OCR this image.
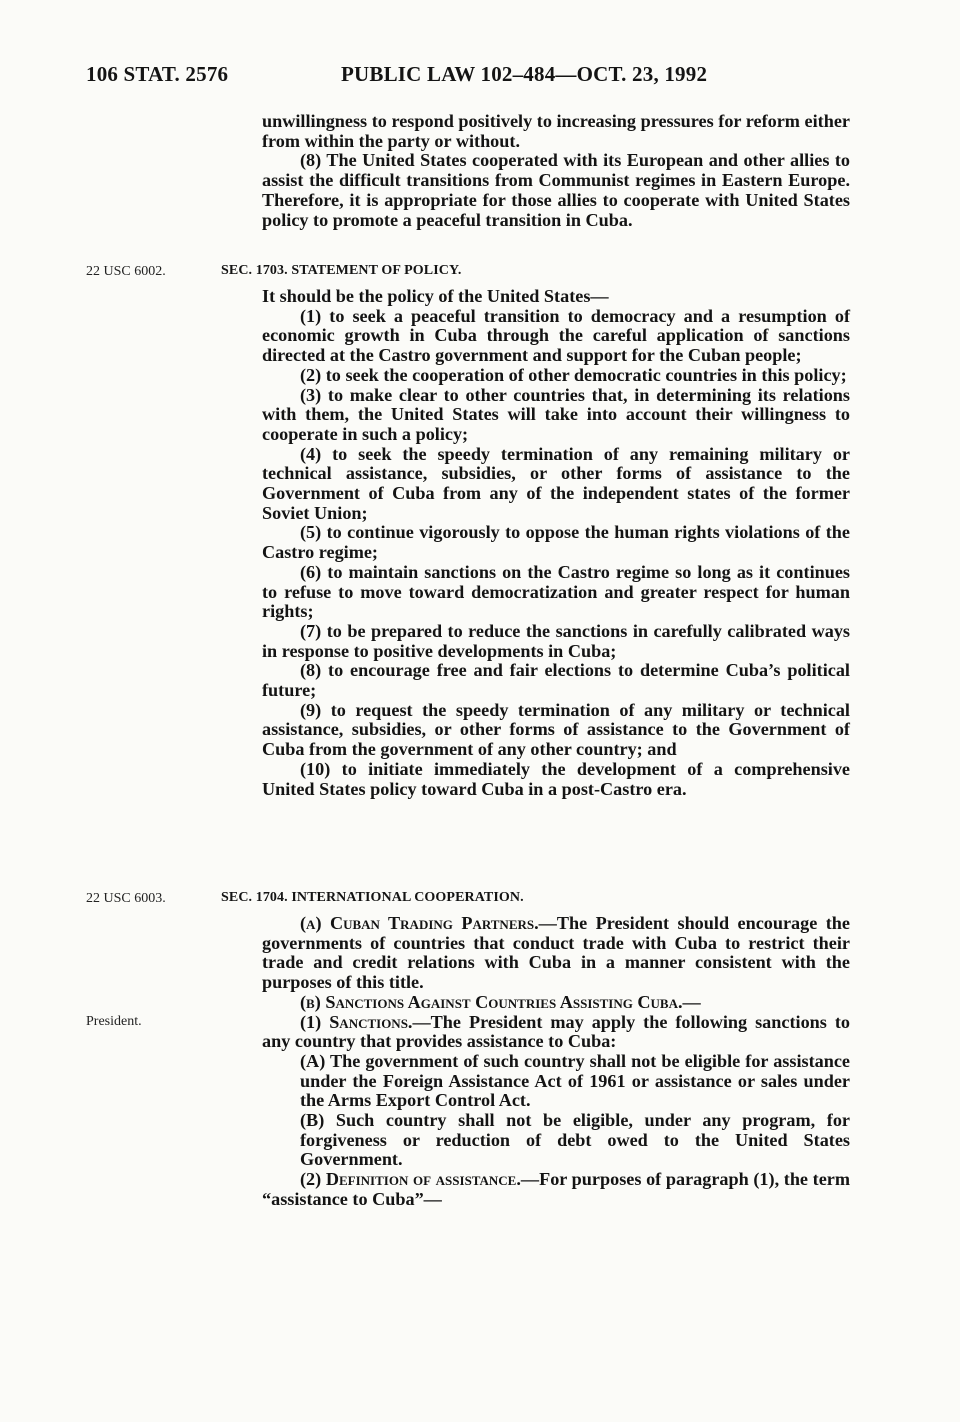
106 STAT. 2576	PUBLIC LAW 102–484—OCT. 23, 1992

unwillingness to respond positively to increasing pressures for reform either from within the party or without.

(8) The United States cooperated with its European and other allies to assist the difficult transitions from Communist regimes in Eastern Europe. Therefore, it is appropriate for those allies to cooperate with United States policy to promote a peaceful transition in Cuba.

22 USC 6002.	SEC. 1703. STATEMENT OF POLICY.

It should be the policy of the United States—

(1) to seek a peaceful transition to democracy and a resumption of economic growth in Cuba through the careful application of sanctions directed at the Castro government and support for the Cuban people;

(2) to seek the cooperation of other democratic countries in this policy;

(3) to make clear to other countries that, in determining its relations with them, the United States will take into account their willingness to cooperate in such a policy;

(4) to seek the speedy termination of any remaining military or technical assistance, subsidies, or other forms of assistance to the Government of Cuba from any of the independent states of the former Soviet Union;

(5) to continue vigorously to oppose the human rights violations of the Castro regime;

(6) to maintain sanctions on the Castro regime so long as it continues to refuse to move toward democratization and greater respect for human rights;

(7) to be prepared to reduce the sanctions in carefully calibrated ways in response to positive developments in Cuba;

(8) to encourage free and fair elections to determine Cuba’s political future;

(9) to request the speedy termination of any military or technical assistance, subsidies, or other forms of assistance to the Government of Cuba from the government of any other country; and

(10) to initiate immediately the development of a comprehensive United States policy toward Cuba in a post-Castro era.

22 USC 6003.	SEC. 1704. INTERNATIONAL COOPERATION.

(a) Cuban Trading Partners.—The President should encourage the governments of countries that conduct trade with Cuba to restrict their trade and credit relations with Cuba in a manner consistent with the purposes of this title.

(b) Sanctions Against Countries Assisting Cuba.—

(1) Sanctions.—The President may apply the following sanctions to any country that provides assistance to Cuba:

(A) The government of such country shall not be eligible for assistance under the Foreign Assistance Act of 1961 or assistance or sales under the Arms Export Control Act.

(B) Such country shall not be eligible, under any program, for forgiveness or reduction of debt owed to the United States Government.

(2) Definition of assistance.—For purposes of paragraph (1), the term “assistance to Cuba”—

President.
